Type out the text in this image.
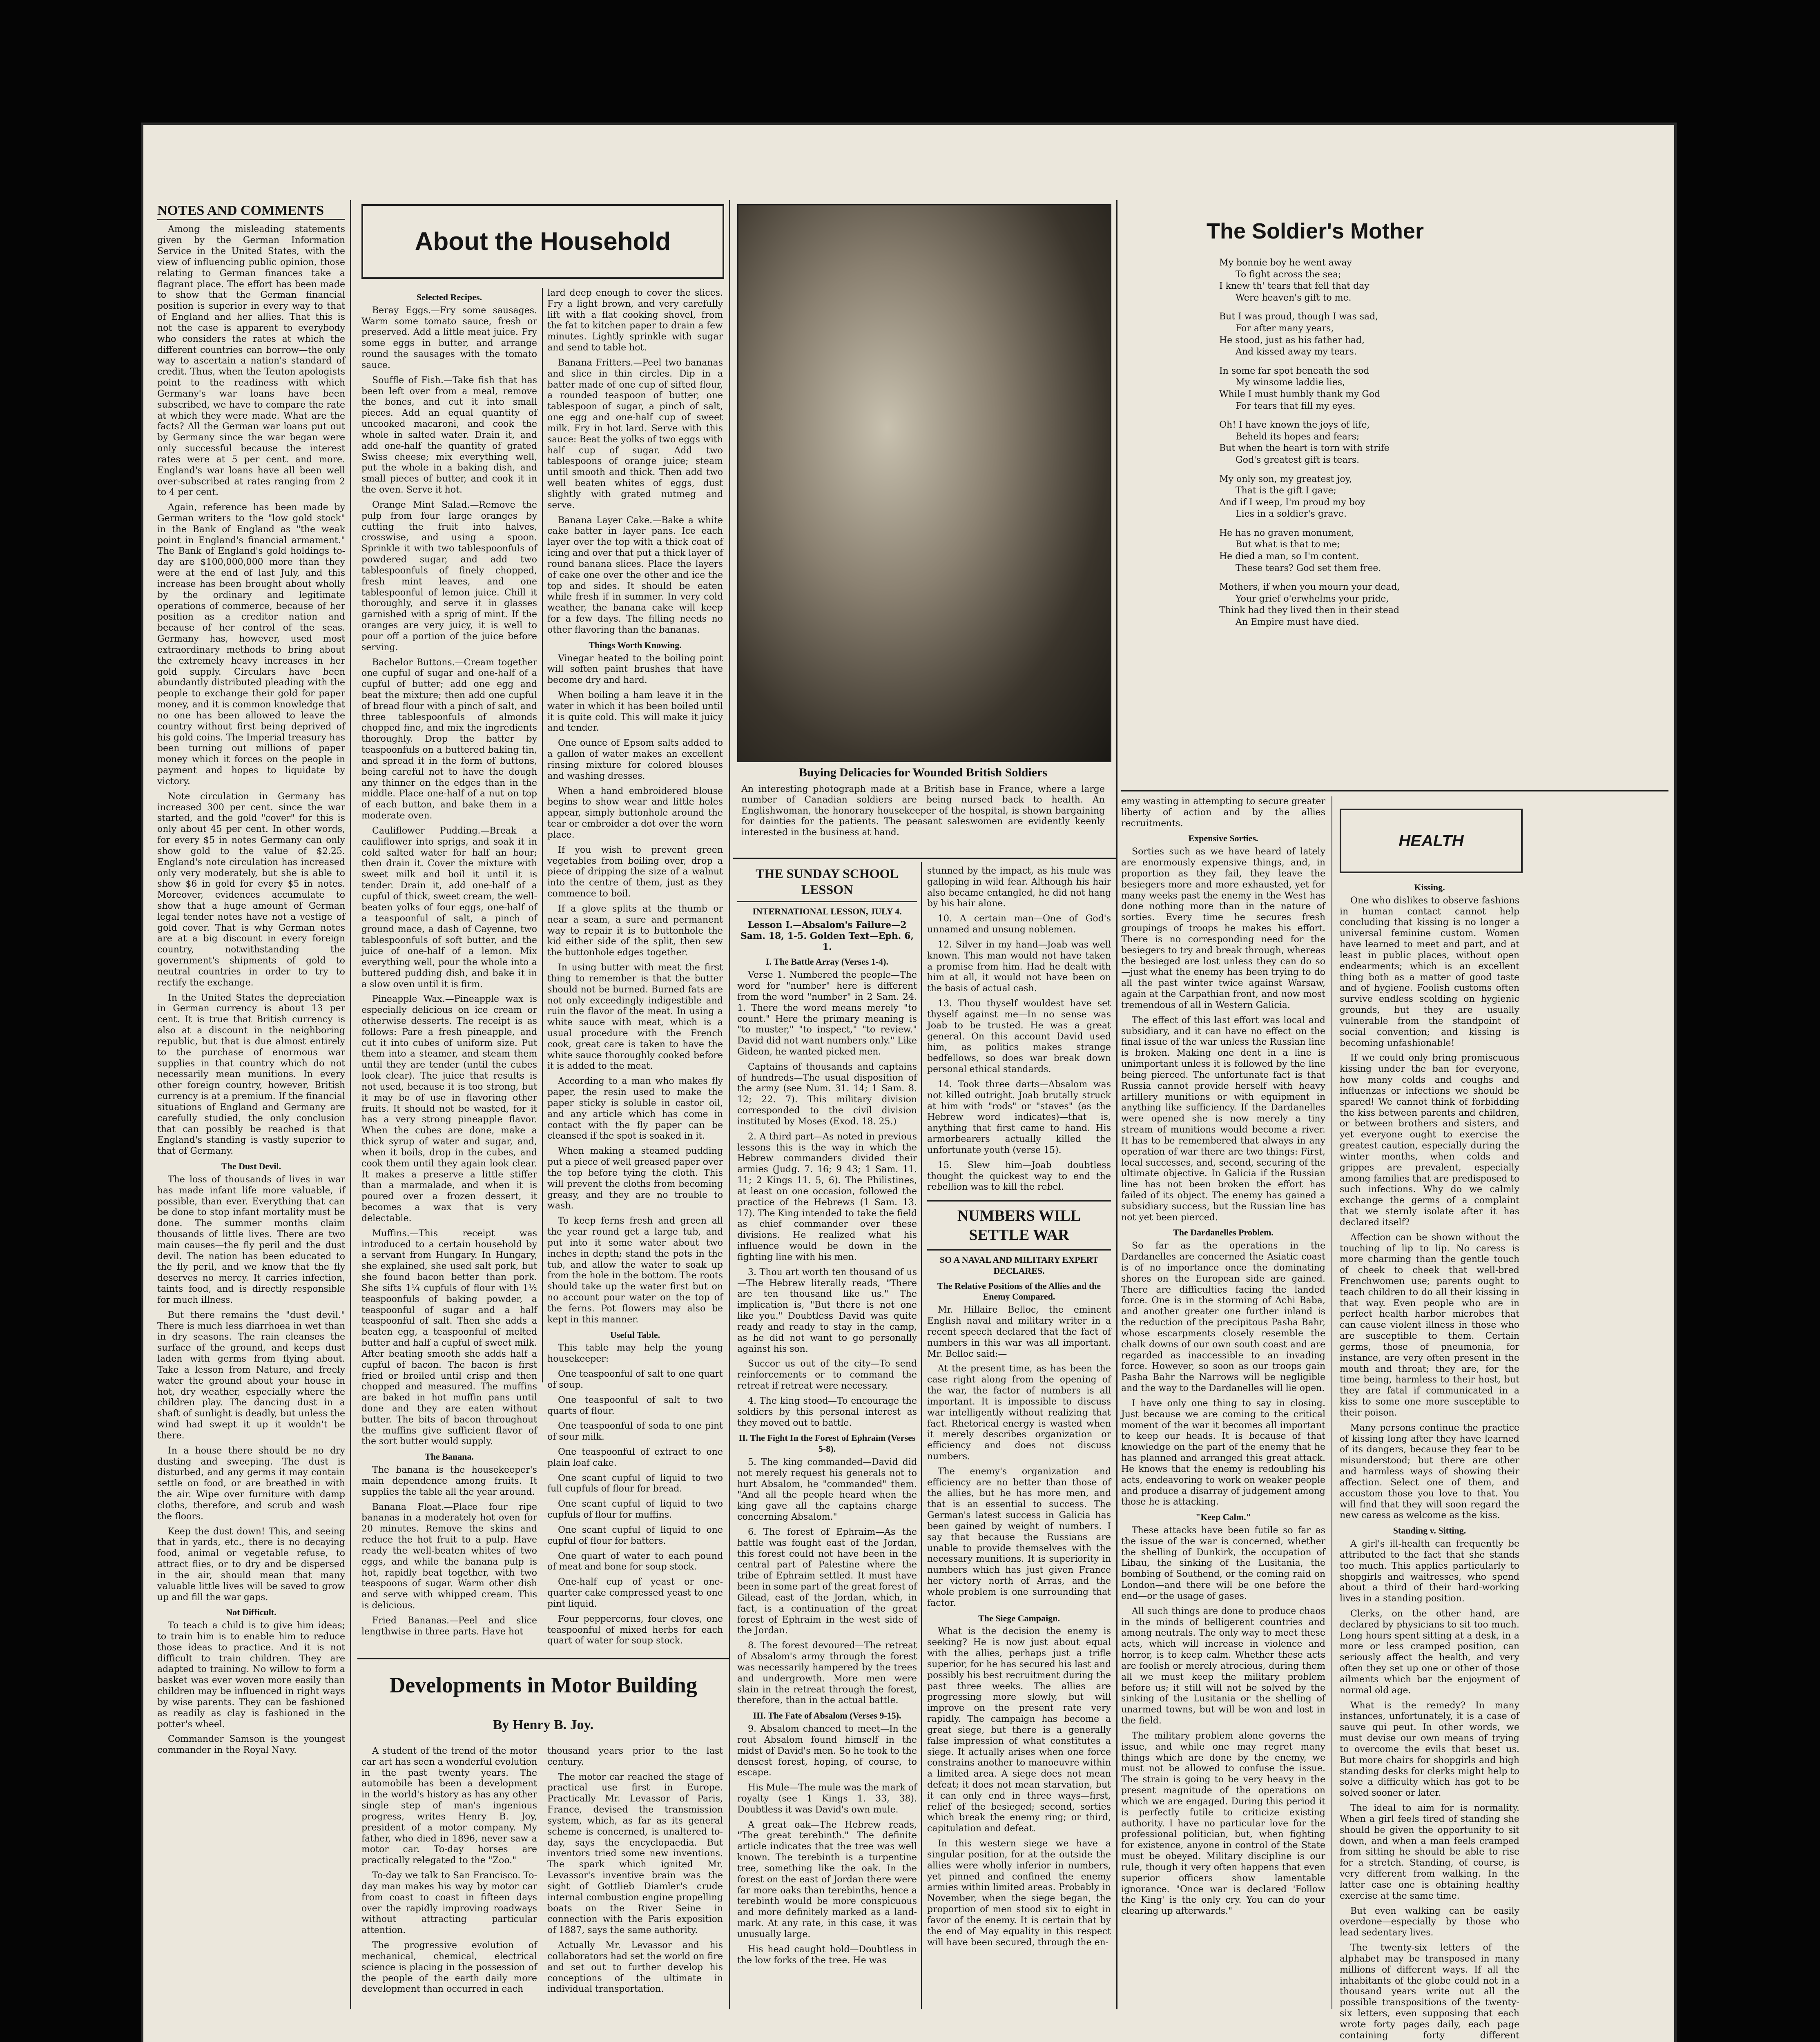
NOTES AND COMMENTS

Among the misleading statements given by the German Information Service in the United States, with the view of influencing public opinion, those relating to German finances take a flagrant place. The effort has been made to show that the German financial position is superior in every way to that of England and her allies. That this is not the case is apparent to everybody who considers the rates at which the different countries can borrow—the only way to ascertain a nation's standard of credit. Thus, when the Teuton apologists point to the readiness with which Germany's war loans have been subscribed, we have to compare the rate at which they were made. What are the facts? All the German war loans put out by Germany since the war began were only successful because the interest rates were at 5 per cent. and more. England's war loans have all been well over-subscribed at rates ranging from 2 to 4 per cent.

Again, reference has been made by German writers to the "low gold stock" in the Bank of England as "the weak point in England's financial armament." The Bank of England's gold holdings to-day are $100,000,000 more than they were at the end of last July, and this increase has been brought about wholly by the ordinary and legitimate operations of commerce, because of her position as a creditor nation and because of her control of the seas. Germany has, however, used most extraordinary methods to bring about the extremely heavy increases in her gold supply. Circulars have been abundantly distributed pleading with the people to exchange their gold for paper money, and it is common knowledge that no one has been allowed to leave the country without first being deprived of his gold coins. The Imperial treasury has been turning out millions of paper money which it forces on the people in payment and hopes to liquidate by victory.

Note circulation in Germany has increased 300 per cent. since the war started, and the gold "cover" for this is only about 45 per cent. In other words, for every $5 in notes Germany can only show gold to the value of $2.25. England's note circulation has increased only very moderately, but she is able to show $6 in gold for every $5 in notes. Moreover, evidences accumulate to show that a huge amount of German legal tender notes have not a vestige of gold cover. That is why German notes are at a big discount in every foreign country, notwithstanding the government's shipments of gold to neutral countries in order to try to rectify the exchange.

In the United States the depreciation in German currency is about 13 per cent. It is true that British currency is also at a discount in the neighboring republic, but that is due almost entirely to the purchase of enormous war supplies in that country which do not necessarily mean munitions. In every other foreign country, however, British currency is at a premium. If the financial situations of England and Germany are carefully studied, the only conclusion that can possibly be reached is that England's standing is vastly superior to that of Germany.

The Dust Devil.

The loss of thousands of lives in war has made infant life more valuable, if possible, than ever. Everything that can be done to stop infant mortality must be done. The summer months claim thousands of little lives. There are two main causes—the fly peril and the dust devil. The nation has been educated to the fly peril, and we know that the fly deserves no mercy. It carries infection, taints food, and is directly responsible for much illness.

But there remains the "dust devil." There is much less diarrhoea in wet than in dry seasons. The rain cleanses the surface of the ground, and keeps dust laden with germs from flying about. Take a lesson from Nature, and freely water the ground about your house in hot, dry weather, especially where the children play. The dancing dust in a shaft of sunlight is deadly, but unless the wind had swept it up it wouldn't be there.

In a house there should be no dry dusting and sweeping. The dust is disturbed, and any germs it may contain settle on food, or are breathed in with the air. Wipe over furniture with damp cloths, therefore, and scrub and wash the floors.

Keep the dust down! This, and seeing that in yards, etc., there is no decaying food, animal or vegetable refuse, to attract flies, or to dry and be dispersed in the air, should mean that many valuable little lives will be saved to grow up and fill the war gaps.

Not Difficult.

To teach a child is to give him ideas; to train him is to enable him to reduce those ideas to practice. And it is not difficult to train children. They are adapted to training. No willow to form a basket was ever woven more easily than children may be influenced in right ways by wise parents. They can be fashioned as readily as clay is fashioned in the potter's wheel.

Commander Samson is the youngest commander in the Royal Navy.

About the Household
Selected Recipes.

Beray Eggs.—Fry some sausages. Warm some tomato sauce, fresh or preserved. Add a little meat juice. Fry some eggs in butter, and arrange round the sausages with the tomato sauce.

Souffle of Fish.—Take fish that has been left over from a meal, remove the bones, and cut it into small pieces. Add an equal quantity of uncooked macaroni, and cook the whole in salted water. Drain it, and add one-half the quantity of grated Swiss cheese; mix everything well, put the whole in a baking dish, and small pieces of butter, and cook it in the oven. Serve it hot.

Orange Mint Salad.—Remove the pulp from four large oranges by cutting the fruit into halves, crosswise, and using a spoon. Sprinkle it with two tablespoonfuls of powdered sugar, and add two tablespoonfuls of finely chopped, fresh mint leaves, and one tablespoonful of lemon juice. Chill it thoroughly, and serve it in glasses garnished with a sprig of mint. If the oranges are very juicy, it is well to pour off a portion of the juice before serving.

Bachelor Buttons.—Cream together one cupful of sugar and one-half of a cupful of butter; add one egg and beat the mixture; then add one cupful of bread flour with a pinch of salt, and three tablespoonfuls of almonds chopped fine, and mix the ingredients thoroughly. Drop the batter by teaspoonfuls on a buttered baking tin, and spread it in the form of buttons, being careful not to have the dough any thinner on the edges than in the middle. Place one-half of a nut on top of each button, and bake them in a moderate oven.

Cauliflower Pudding.—Break a cauliflower into sprigs, and soak it in cold salted water for half an hour; then drain it. Cover the mixture with sweet milk and boil it until it is tender. Drain it, add one-half of a cupful of thick, sweet cream, the well-beaten yolks of four eggs, one-half of a teaspoonful of salt, a pinch of ground mace, a dash of Cayenne, two tablespoonfuls of soft butter, and the juice of one-half of a lemon. Mix everything well, pour the whole into a buttered pudding dish, and bake it in a slow oven until it is firm.

Pineapple Wax.—Pineapple wax is especially delicious on ice cream or otherwise desserts. The receipt is as follows: Pare a fresh pineapple, and cut it into cubes of uniform size. Put them into a steamer, and steam them until they are tender (until the cubes look clear). The juice that results is not used, because it is too strong, but it may be of use in flavoring other fruits. It should not be wasted, for it has a very strong pineapple flavor. When the cubes are done, make a thick syrup of water and sugar, and, when it boils, drop in the cubes, and cook them until they again look clear. It makes a preserve a little stiffer than a marmalade, and when it is poured over a frozen dessert, it becomes a wax that is very delectable.

Muffins.—This receipt was introduced to a certain household by a servant from Hungary. In Hungary, she explained, she used salt pork, but she found bacon better than pork. She sifts 1¼ cupfuls of flour with 1½ teaspoonfuls of baking powder, a teaspoonful of sugar and a half teaspoonful of salt. Then she adds a beaten egg, a teaspoonful of melted butter and half a cupful of sweet milk. After beating smooth she adds half a cupful of bacon. The bacon is first fried or broiled until crisp and then chopped and measured. The muffins are baked in hot muffin pans until done and they are eaten without butter. The bits of bacon throughout the muffins give sufficient flavor of the sort butter would supply.

The Banana.

The banana is the housekeeper's main dependence among fruits. It supplies the table all the year around.

Banana Float.—Place four ripe bananas in a moderately hot oven for 20 minutes. Remove the skins and reduce the hot fruit to a pulp. Have ready the well-beaten whites of two eggs, and while the banana pulp is hot, rapidly beat together, with two teaspoons of sugar. Warm other dish and serve with whipped cream. This is delicious.

Fried Bananas.—Peel and slice lengthwise in three parts. Have hot

lard deep enough to cover the slices. Fry a light brown, and very carefully lift with a flat cooking shovel, from the fat to kitchen paper to drain a few minutes. Lightly sprinkle with sugar and send to table hot.

Banana Fritters.—Peel two bananas and slice in thin circles. Dip in a batter made of one cup of sifted flour, a rounded teaspoon of butter, one tablespoon of sugar, a pinch of salt, one egg and one-half cup of sweet milk. Fry in hot lard. Serve with this sauce: Beat the yolks of two eggs with half cup of sugar. Add two tablespoons of orange juice; steam until smooth and thick. Then add two well beaten whites of eggs, dust slightly with grated nutmeg and serve.

Banana Layer Cake.—Bake a white cake batter in layer pans. Ice each layer over the top with a thick coat of icing and over that put a thick layer of round banana slices. Place the layers of cake one over the other and ice the top and sides. It should be eaten while fresh if in summer. In very cold weather, the banana cake will keep for a few days. The filling needs no other flavoring than the bananas.

Things Worth Knowing.

Vinegar heated to the boiling point will soften paint brushes that have become dry and hard.

When boiling a ham leave it in the water in which it has been boiled until it is quite cold. This will make it juicy and tender.

One ounce of Epsom salts added to a gallon of water makes an excellent rinsing mixture for colored blouses and washing dresses.

When a hand embroidered blouse begins to show wear and little holes appear, simply buttonhole around the tear or embroider a dot over the worn place.

If you wish to prevent green vegetables from boiling over, drop a piece of dripping the size of a walnut into the centre of them, just as they commence to boil.

If a glove splits at the thumb or near a seam, a sure and permanent way to repair it is to buttonhole the kid either side of the split, then sew the buttonhole edges together.

In using butter with meat the first thing to remember is that the butter should not be burned. Burned fats are not only exceedingly indigestible and ruin the flavor of the meat. In using a white sauce with meat, which is a usual procedure with the French cook, great care is taken to have the white sauce thoroughly cooked before it is added to the meat.

According to a man who makes fly paper, the resin used to make the paper sticky is soluble in castor oil, and any article which has come in contact with the fly paper can be cleansed if the spot is soaked in it.

When making a steamed pudding put a piece of well greased paper over the top before tying the cloth. This will prevent the cloths from becoming greasy, and they are no trouble to wash.

To keep ferns fresh and green all the year round get a large tub, and put into it some water about two inches in depth; stand the pots in the tub, and allow the water to soak up from the hole in the bottom. The roots should take up the water first but on no account pour water on the top of the ferns. Pot flowers may also be kept in this manner.

Useful Table.

This table may help the young housekeeper:

One teaspoonful of salt to one quart of soup.

One teaspoonful of salt to two quarts of flour.

One teaspoonful of soda to one pint of sour milk.

One teaspoonful of extract to one plain loaf cake.

One scant cupful of liquid to two full cupfuls of flour for bread.

One scant cupful of liquid to two cupfuls of flour for muffins.

One scant cupful of liquid to one cupful of flour for batters.

One quart of water to each pound of meat and bone for soup stock.

One-half cup of yeast or one-quarter cake compressed yeast to one pint liquid.

Four peppercorns, four cloves, one teaspoonful of mixed herbs for each quart of water for soup stock.

Developments in Motor Building
By Henry B. Joy.

A student of the trend of the motor car art has seen a wonderful evolution in the past twenty years. The automobile has been a development in the world's history as has any other single step of man's ingenious progress, writes Henry B. Joy, president of a motor company. My father, who died in 1896, never saw a motor car. To-day horses are practically relegated to the "Zoo."

To-day we talk to San Francisco. To-day man makes his way by motor car from coast to coast in fifteen days over the rapidly improving roadways without attracting particular attention.

The progressive evolution of mechanical, chemical, electrical science is placing in the possession of the people of the earth daily more development than occurred in each

thousand years prior to the last century.

The motor car reached the stage of practical use first in Europe. Practically Mr. Levassor of Paris, France, devised the transmission system, which, as far as its general scheme is concerned, is unaltered to-day, says the encyclopaedia. But inventors tried some new inventions. The spark which ignited Mr. Levassor's inventive brain was the sight of Gottlieb Diamler's crude internal combustion engine propelling boats on the River Seine in connection with the Paris exposition of 1887, says the same authority.

Actually Mr. Levassor and his collaborators had set the world on fire and set out to further develop his conceptions of the ultimate in individual transportation.

Buying Delicacies for Wounded British Soldiers
An interesting photograph made at a British base in France, where a large number of Canadian soldiers are being nursed back to health. An Englishwoman, the honorary housekeeper of the hospital, is shown bargaining for dainties for the patients. The peasant saleswomen are evidently keenly interested in the business at hand.
THE SUNDAY SCHOOL LESSON
INTERNATIONAL LESSON, JULY 4.

Lesson I.—Absalom's Failure—2 Sam. 18, 1-5. Golden Text—Eph. 6, 1.

I. The Battle Array (Verses 1-4).

Verse 1. Numbered the people—The word for "number" here is different from the word "number" in 2 Sam. 24. 1. There the word means merely "to count." Here the primary meaning is "to muster," "to inspect," "to review." David did not want numbers only." Like Gideon, he wanted picked men.

Captains of thousands and captains of hundreds—The usual disposition of the army (see Num. 31. 14; 1 Sam. 8. 12; 22. 7). This military division corresponded to the civil division instituted by Moses (Exod. 18. 25.)

2. A third part—As noted in previous lessons this is the way in which the Hebrew commanders divided their armies (Judg. 7. 16; 9 43; 1 Sam. 11. 11; 2 Kings 11. 5, 6). The Philistines, at least on one occasion, followed the practice of the Hebrews (1 Sam. 13. 17). The King intended to take the field as chief commander over these divisions. He realized what his influence would be down in the fighting line with his men.

3. Thou art worth ten thousand of us—The Hebrew literally reads, "There are ten thousand like us." The implication is, "But there is not one like you." Doubtless David was quite ready and ready to stay in the camp, as he did not want to go personally against his son.

Succor us out of the city—To send reinforcements or to command the retreat if retreat were necessary.

4. The king stood—To encourage the soldiers by this personal interest as they moved out to battle.

II. The Fight In the Forest of Ephraim (Verses 5-8).

5. The king commanded—David did not merely request his generals not to hurt Absalom, he "commanded" them. "And all the people heard when the king gave all the captains charge concerning Absalom."

6. The forest of Ephraim—As the battle was fought east of the Jordan, this forest could not have been in the central part of Palestine where the tribe of Ephraim settled. It must have been in some part of the great forest of Gilead, east of the Jordan, which, in fact, is a continuation of the great forest of Ephraim in the west side of the Jordan.

8. The forest devoured—The retreat of Absalom's army through the forest was necessarily hampered by the trees and undergrowth. More men were slain in the retreat through the forest, therefore, than in the actual battle.

III. The Fate of Absalom (Verses 9-15).

9. Absalom chanced to meet—In the rout Absalom found himself in the midst of David's men. So he took to the densest forest, hoping, of course, to escape.

His Mule—The mule was the mark of royalty (see 1 Kings 1. 33, 38). Doubtless it was David's own mule.

A great oak—The Hebrew reads, "The great terebinth." The definite article indicates that the tree was well known. The terebinth is a turpentine tree, something like the oak. In the forest on the east of Jordan there were far more oaks than terebinths, hence a terebinth would be more conspicuous and more definitely marked as a land-mark. At any rate, in this case, it was unusually large.

His head caught hold—Doubtless in the low forks of the tree. He was

stunned by the impact, as his mule was galloping in wild fear. Although his hair also became entangled, he did not hang by his hair alone.

10. A certain man—One of God's unnamed and unsung noblemen.

12. Silver in my hand—Joab was well known. This man would not have taken a promise from him. Had he dealt with him at all, it would not have been on the basis of actual cash.

13. Thou thyself wouldest have set thyself against me—In no sense was Joab to be trusted. He was a great general. On this account David used him, as politics makes strange bedfellows, so does war break down personal ethical standards.

14. Took three darts—Absalom was not killed outright. Joab brutally struck at him with "rods" or "staves" (as the Hebrew word indicates)—that is, anything that first came to hand. His armorbearers actually killed the unfortunate youth (verse 15).

15. Slew him—Joab doubtless thought the quickest way to end the rebellion was to kill the rebel.

NUMBERS WILL SETTLE WAR
SO A NAVAL AND MILITARY EXPERT DECLARES.
The Relative Positions of the Allies and the Enemy Compared.

Mr. Hillaire Belloc, the eminent English naval and military writer in a recent speech declared that the fact of numbers in this war was all important. Mr. Belloc said:—

At the present time, as has been the case right along from the opening of the war, the factor of numbers is all important. It is impossible to discuss war intelligently without realizing that fact. Rhetorical energy is wasted when it merely describes organization or efficiency and does not discuss numbers.

The enemy's organization and efficiency are no better than those of the allies, but he has more men, and that is an essential to success. The German's latest success in Galicia has been gained by weight of numbers. I say that because the Russians are unable to provide themselves with the necessary munitions. It is superiority in numbers which has just given France her victory north of Arras, and the whole problem is one surrounding that factor.

The Siege Campaign.

What is the decision the enemy is seeking? He is now just about equal with the allies, perhaps just a trifle superior, for he has secured his last and possibly his best recruitment during the past three weeks. The allies are progressing more slowly, but will improve on the present rate very rapidly. The campaign has become a great siege, but there is a generally false impression of what constitutes a siege. It actually arises when one force constrains another to manoeuvre within a limited area. A siege does not mean defeat; it does not mean starvation, but it can only end in three ways—first, relief of the besieged; second, sorties which break the enemy ring; or third, capitulation and defeat.

In this western siege we have a singular position, for at the outside the allies were wholly inferior in numbers, yet pinned and confined the enemy armies within limited areas. Probably in November, when the siege began, the proportion of men stood six to eight in favor of the enemy. It is certain that by the end of May equality in this respect will have been secured, through the en-

The Soldier's Mother
My bonnie boy he went away
To fight across the sea;
I knew th' tears that fell that day
Were heaven's gift to me.
But I was proud, though I was sad,
For after many years,
He stood, just as his father had,
And kissed away my tears.
In some far spot beneath the sod
My winsome laddie lies,
While I must humbly thank my God
For tears that fill my eyes.
Oh! I have known the joys of life,
Beheld its hopes and fears;
But when the heart is torn with strife
God's greatest gift is tears.
My only son, my greatest joy,
That is the gift I gave;
And if I weep, I'm proud my boy
Lies in a soldier's grave.
He has no graven monument,
But what is that to me;
He died a man, so I'm content.
These tears? God set them free.
Mothers, if when you mourn your dead,
Your grief o'erwhelms your pride,
Think had they lived then in their stead
An Empire must have died.

emy wasting in attempting to secure greater liberty of action and by the allies recruitments.

Expensive Sorties.

Sorties such as we have heard of lately are enormously expensive things, and, in proportion as they fail, they leave the besiegers more and more exhausted, yet for many weeks past the enemy in the West has done nothing more than in the nature of sorties. Every time he secures fresh groupings of troops he makes his effort. There is no corresponding need for the besiegers to try and break through, whereas the besieged are lost unless they can do so—just what the enemy has been trying to do all the past winter twice against Warsaw, again at the Carpathian front, and now most tremendous of all in Western Galicia.

The effect of this last effort was local and subsidiary, and it can have no effect on the final issue of the war unless the Russian line is broken. Making one dent in a line is unimportant unless it is followed by the line being pierced. The unfortunate fact is that Russia cannot provide herself with heavy artillery munitions or with equipment in anything like sufficiency. If the Dardanelles were opened she is now merely a tiny stream of munitions would become a river. It has to be remembered that always in any operation of war there are two things: First, local successes, and, second, securing of the ultimate objective. In Galicia if the Russian line has not been broken the effort has failed of its object. The enemy has gained a subsidiary success, but the Russian line has not yet been pierced.

The Dardanelles Problem.

So far as the operations in the Dardanelles are concerned the Asiatic coast is of no importance once the dominating shores on the European side are gained. There are difficulties facing the landed force. One is in the storming of Achi Baba, and another greater one further inland is the reduction of the precipitous Pasha Bahr, whose escarpments closely resemble the chalk downs of our own south coast and are regarded as inaccessible to an invading force. However, so soon as our troops gain Pasha Bahr the Narrows will be negligible and the way to the Dardanelles will lie open.

I have only one thing to say in closing. Just because we are coming to the critical moment of the war it becomes all important to keep our heads. It is because of that knowledge on the part of the enemy that he has planned and arranged this great attack. He knows that the enemy is redoubling his acts, endeavoring to work on weaker people and produce a disarray of judgement among those he is attacking.

"Keep Calm."

These attacks have been futile so far as the issue of the war is concerned, whether the shelling of Dunkirk, the occupation of Libau, the sinking of the Lusitania, the bombing of Southend, or the coming raid on London—and there will be one before the end—or the usage of gases.

All such things are done to produce chaos in the minds of belligerent countries and among neutrals. The only way to meet these acts, which will increase in violence and horror, is to keep calm. Whether these acts are foolish or merely atrocious, during them all we must keep the military problem before us; it still will not be solved by the sinking of the Lusitania or the shelling of unarmed towns, but will be won and lost in the field.

The military problem alone governs the issue, and while one may regret many things which are done by the enemy, we must not be allowed to confuse the issue. The strain is going to be very heavy in the present magnitude of the operations on which we are engaged. During this period it is perfectly futile to criticize existing authority. I have no particular love for the professional politician, but, when fighting for existence, anyone in control of the State must be obeyed. Military discipline is our rule, though it very often happens that even superior officers show lamentable ignorance. "Once war is declared 'Follow the King' is the only cry. You can do your clearing up afterwards."

HEALTH
Kissing.

One who dislikes to observe fashions in human contact cannot help concluding that kissing is no longer a universal feminine custom. Women have learned to meet and part, and at least in public places, without open endearments; which is an excellent thing both as a matter of good taste and of hygiene. Foolish customs often survive endless scolding on hygienic grounds, but they are usually vulnerable from the standpoint of social convention; and kissing is becoming unfashionable!

If we could only bring promiscuous kissing under the ban for everyone, how many colds and coughs and influenzas or infections we should be spared! We cannot think of forbidding the kiss between parents and children, or between brothers and sisters, and yet everyone ought to exercise the greatest caution, especially during the winter months, when colds and grippes are prevalent, especially among families that are predisposed to such infections. Why do we calmly exchange the germs of a complaint that we sternly isolate after it has declared itself?

Affection can be shown without the touching of lip to lip. No caress is more charming than the gentle touch of cheek to cheek that well-bred Frenchwomen use; parents ought to teach children to do all their kissing in that way. Even people who are in perfect health harbor microbes that can cause violent illness in those who are susceptible to them. Certain germs, those of pneumonia, for instance, are very often present in the mouth and throat; they are, for the time being, harmless to their host, but they are fatal if communicated in a kiss to some one more susceptible to their poison.

Many persons continue the practice of kissing long after they have learned of its dangers, because they fear to be misunderstood; but there are other and harmless ways of showing their affection. Select one of them, and accustom those you love to that. You will find that they will soon regard the new caress as welcome as the kiss.

Standing v. Sitting.

A girl's ill-health can frequently be attributed to the fact that she stands too much. This applies particularly to shopgirls and waitresses, who spend about a third of their hard-working lives in a standing position.

Clerks, on the other hand, are declared by physicians to sit too much. Long hours spent sitting at a desk, in a more or less cramped position, can seriously affect the health, and very often they set up one or other of those ailments which bar the enjoyment of normal old age.

What is the remedy? In many instances, unfortunately, it is a case of sauve qui peut. In other words, we must devise our own means of trying to overcome the evils that beset us. But more chairs for shopgirls and high standing desks for clerks might help to solve a difficulty which has got to be solved sooner or later.

The ideal to aim for is normality. When a girl feels tired of standing she should be given the opportunity to sit down, and when a man feels cramped from sitting he should be able to rise for a stretch. Standing, of course, is very different from walking. In the latter case one is obtaining healthy exercise at the same time.

But even walking can be easily overdone—especially by those who lead sedentary lives.

The twenty-six letters of the alphabet may be transposed in many millions of different ways. If all the inhabitants of the globe could not in a thousand years write out all the possible transpositions of the twenty-six letters, even supposing that each wrote forty pages daily, each page containing forty different
